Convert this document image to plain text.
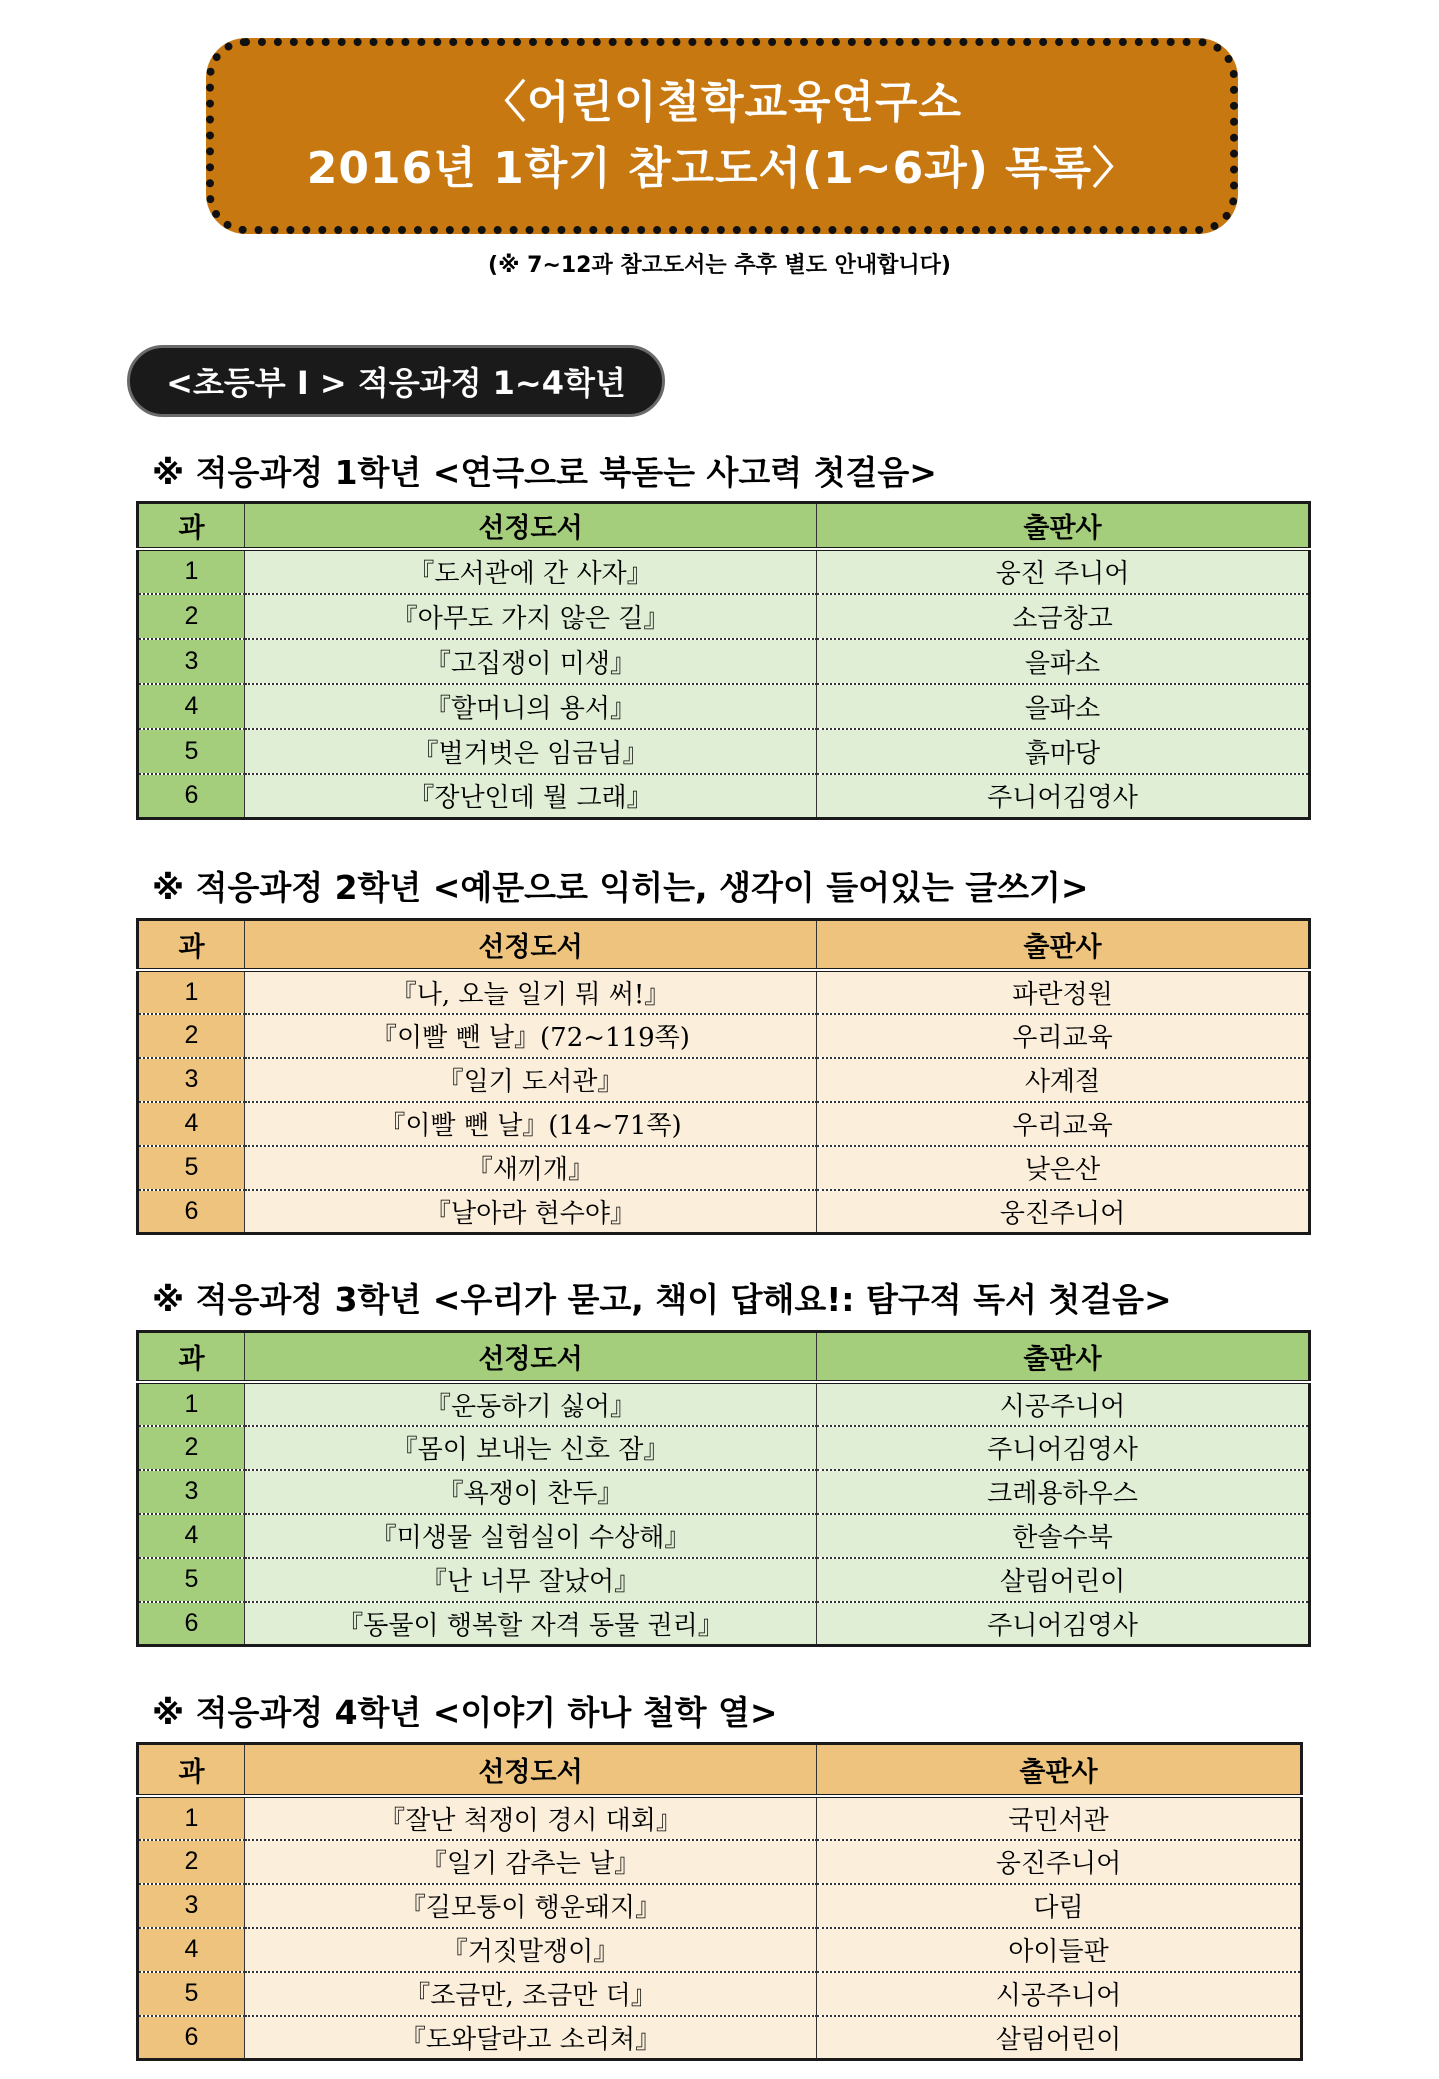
〈어린이철학교육연구소
2016년 1학기 참고도서(1~6과) 목록〉
(※ 7~12과 참고도서는 추후 별도 안내합니다)
<초등부 Ⅰ > 적응과정 1~4학년
※ 적응과정 1학년 <연극으로 북돋는 사고력 첫걸음>
과	선정도서	출판사
1	『도서관에 간 사자』	웅진 주니어
2	『아무도 가지 않은 길』	소금창고
3	『고집쟁이 미생』	을파소
4	『할머니의 용서』	을파소
5	『벌거벗은 임금님』	흙마당
6	『장난인데 뭘 그래』	주니어김영사
※ 적응과정 2학년 <예문으로 익히는, 생각이 들어있는 글쓰기>
과	선정도서	출판사
1	『나, 오늘 일기 뭐 써!』	파란정원
2	『이빨 뺀 날』(72~119쪽)	우리교육
3	『일기 도서관』	사계절
4	『이빨 뺀 날』(14~71쪽)	우리교육
5	『새끼개』	낮은산
6	『날아라 현수야』	웅진주니어
※ 적응과정 3학년 <우리가 묻고, 책이 답해요!: 탐구적 독서 첫걸음>
과	선정도서	출판사
1	『운동하기 싫어』	시공주니어
2	『몸이 보내는 신호 잠』	주니어김영사
3	『욕쟁이 찬두』	크레용하우스
4	『미생물 실험실이 수상해』	한솔수북
5	『난 너무 잘났어』	살림어린이
6	『동물이 행복할 자격 동물 권리』	주니어김영사
※ 적응과정 4학년 <이야기 하나 철학 열>
과	선정도서	출판사
1	『잘난 척쟁이 경시 대회』	국민서관
2	『일기 감추는 날』	웅진주니어
3	『길모퉁이 행운돼지』	다림
4	『거짓말쟁이』	아이들판
5	『조금만, 조금만 더』	시공주니어
6	『도와달라고 소리쳐』	살림어린이
